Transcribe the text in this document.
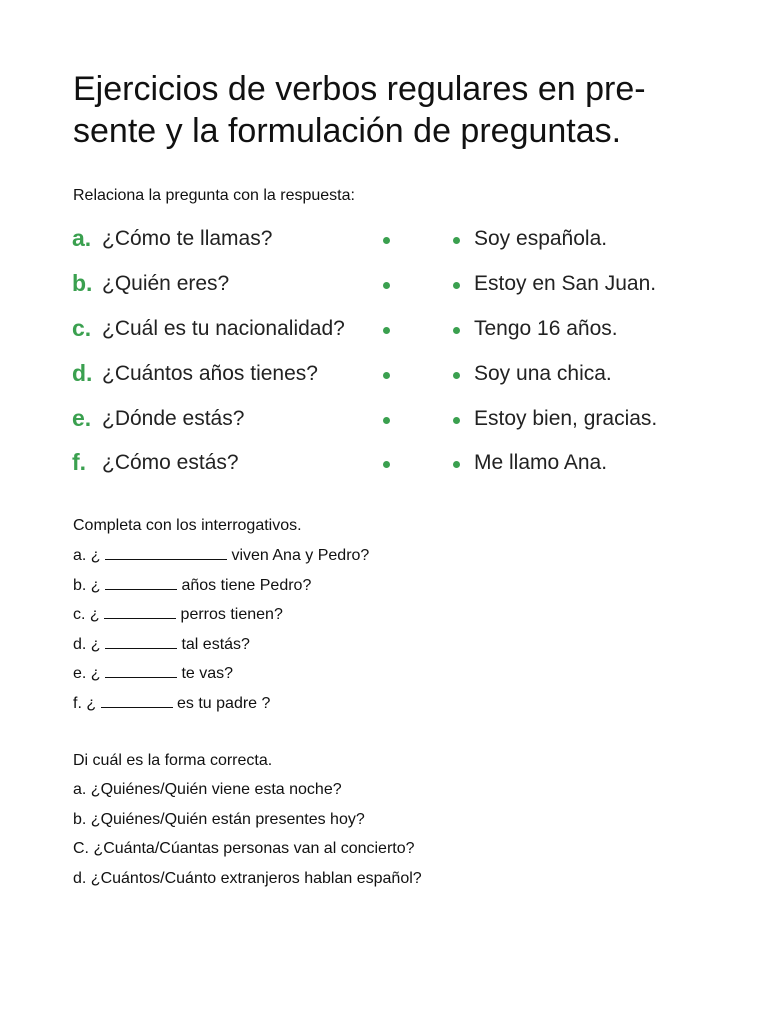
Ejercicios de verbos regulares en pre-
sente y la formulación de preguntas.
Relaciona la pregunta con la respuesta:
a. ¿Cómo te llamas?	Soy española.
b. ¿Quién eres?	Estoy en San Juan.
c. ¿Cuál es tu nacionalidad?	Tengo 16 años.
d. ¿Cuántos años tienes?	Soy una chica.
e. ¿Dónde estás?	Estoy bien, gracias.
f. ¿Cómo estás?	Me llamo Ana.
Completa con los interrogativos.
a. ¿	viven Ana y Pedro?
b. ¿	años tiene Pedro?
c. ¿	perros tienen?
d. ¿	tal estás?
e. ¿	te vas?
f. ¿	es tu padre ?
Di cuál es la forma correcta.
a. ¿Quiénes/Quién viene esta noche?
b. ¿Quiénes/Quién están presentes hoy?
C. ¿Cuánta/Cúantas personas van al concierto?
d. ¿Cuántos/Cuánto extranjeros hablan español?
